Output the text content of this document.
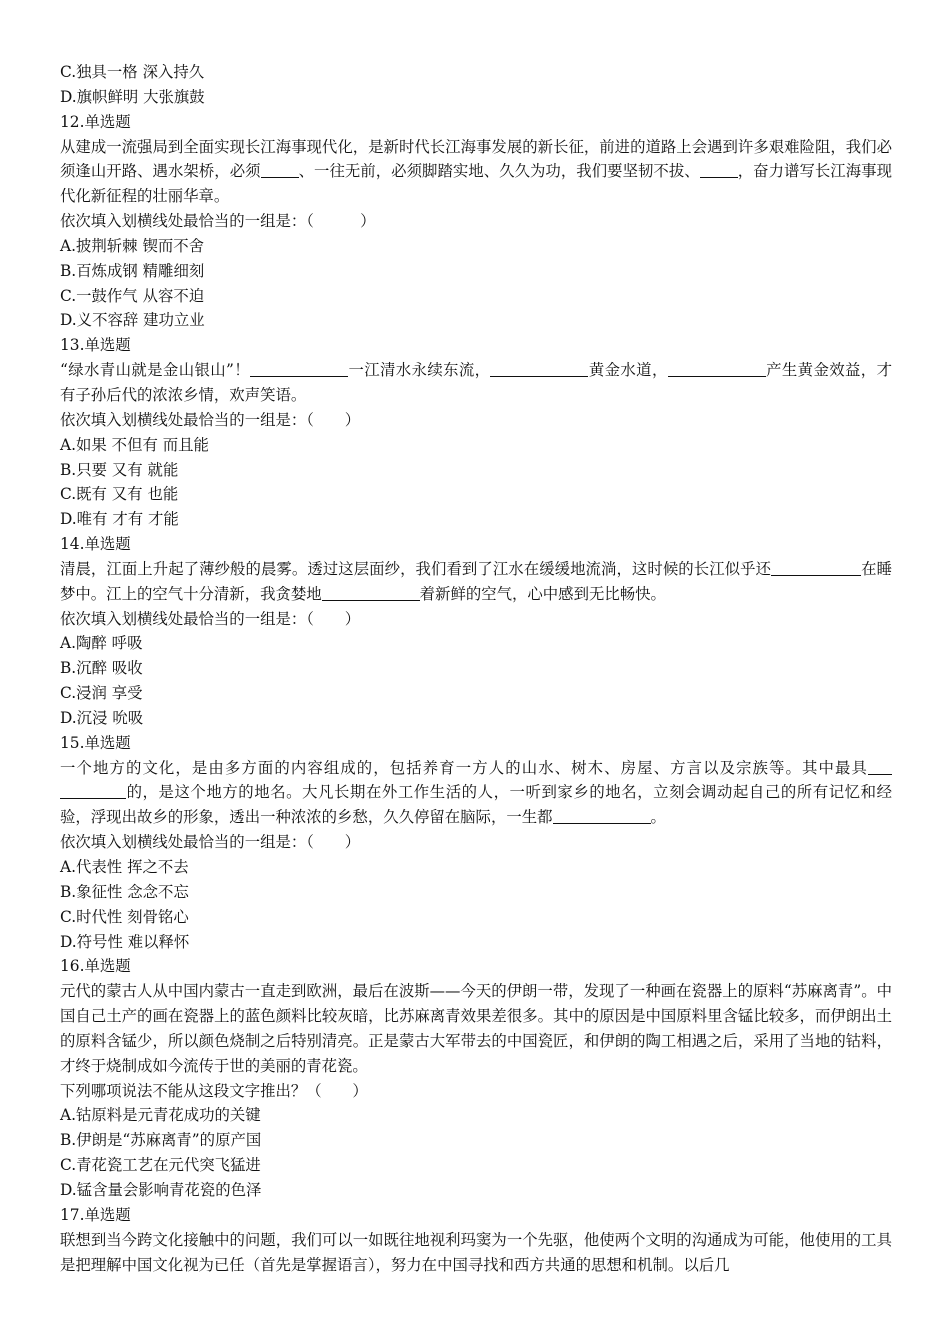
C.独具一格 深入持久
D.旗帜鲜明 大张旗鼓
12.单选题
从建成一流强局到全面实现长江海事现代化，是新时代长江海事发展的新长征，前进的道路上会遇到许多艰难险阻，我们必须逢山开路、遇水架桥，必须 、一往无前，必须脚踏实地、久久为功，我们要坚韧不拔、 ，奋力谱写长江海事现代化新征程的壮丽华章。
依次填入划横线处最恰当的一组是：（　　　）
A.披荆斩棘 锲而不舍
B.百炼成钢 精雕细刻
C.一鼓作气 从容不迫
D.义不容辞 建功立业
13.单选题
“绿水青山就是金山银山”！	一江清水永续东流，	黄金水道，	产生黄金效益，才有子孙后代的浓浓乡情，欢声笑语。
依次填入划横线处最恰当的一组是：（　　）
A.如果 不但有 而且能
B.只要 又有 就能
C.既有 又有 也能
D.唯有 才有 才能
14.单选题
清晨，江面上升起了薄纱般的晨雾。透过这层面纱，我们看到了江水在缓缓地流淌，这时候的长江似乎还	在睡梦中。江上的空气十分清新，我贪婪地	着新鲜的空气，心中感到无比畅快。
依次填入划横线处最恰当的一组是：（　　）
A.陶醉 呼吸
B.沉醉 吸收
C.浸润 享受
D.沉浸 吮吸
15.单选题
一个地方的文化，是由多方面的内容组成的，包括养育一方人的山水、树木、房屋、方言以及宗族等。其中最具的，是这个地方的地名。大凡长期在外工作生活的人，一听到家乡的地名，立刻会调动起自己的所有记忆和经验，浮现出故乡的形象，透出一种浓浓的乡愁，久久停留在脑际，一生都	。
依次填入划横线处最恰当的一组是：（　　）
A.代表性 挥之不去
B.象征性 念念不忘
C.时代性 刻骨铭心
D.符号性 难以释怀
16.单选题
元代的蒙古人从中国内蒙古一直走到欧洲，最后在波斯——今天的伊朗一带，发现了一种画在瓷器上的原料“苏麻离青”。中国自己土产的画在瓷器上的蓝色颜料比较灰暗，比苏麻离青效果差很多。其中的原因是中国原料里含锰比较多，而伊朗出土的原料含锰少，所以颜色烧制之后特别清亮。正是蒙古大军带去的中国瓷匠，和伊朗的陶工相遇之后，采用了当地的钴料，才终于烧制成如今流传于世的美丽的青花瓷。
下列哪项说法不能从这段文字推出？（　　）
A.钴原料是元青花成功的关键
B.伊朗是“苏麻离青”的原产国
C.青花瓷工艺在元代突飞猛进
D.锰含量会影响青花瓷的色泽
17.单选题
联想到当今跨文化接触中的问题，我们可以一如既往地视利玛窦为一个先驱，他使两个文明的沟通成为可能，他使用的工具是把理解中国文化视为已任（首先是掌握语言），努力在中国寻找和西方共通的思想和机制。以后几
